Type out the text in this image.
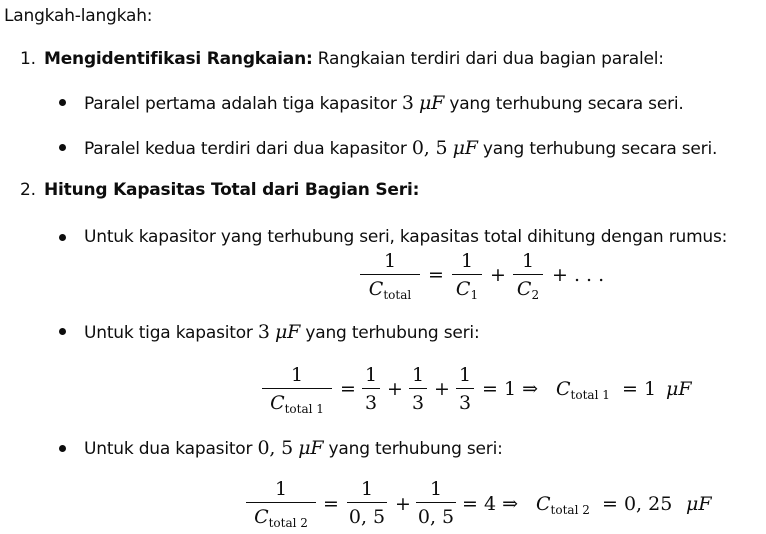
Langkah-langkah:
1. Mengidentifikasi Rangkaian: Rangkaian terdiri dari dua bagian paralel:
Paralel pertama adalah tiga kapasitor 3 μF yang terhubung secara seri.
Paralel kedua terdiri dari dua kapasitor 0, 5 μF yang terhubung secara seri.
2. Hitung Kapasitas Total dari Bagian Seri:
Untuk kapasitor yang terhubung seri, kapasitas total dihitung dengan rumus:
1
$C_{total}$
=
1
$C_1$
+
1
$C_2$
+ . . .
Untuk tiga kapasitor 3 μF yang terhubung seri:
1
$C_{total 1}$
=
1
3
+
1
3
+
1
3
= 1 ⇒ $C_{total 1} = 1$ μF
Untuk dua kapasitor 0, 5 μF yang terhubung seri:
1
$C_{total 2}$
=
1
0, 5
+
1
0, 5
= 4 ⇒ $C_{total 2} = 0$, 25 μF
